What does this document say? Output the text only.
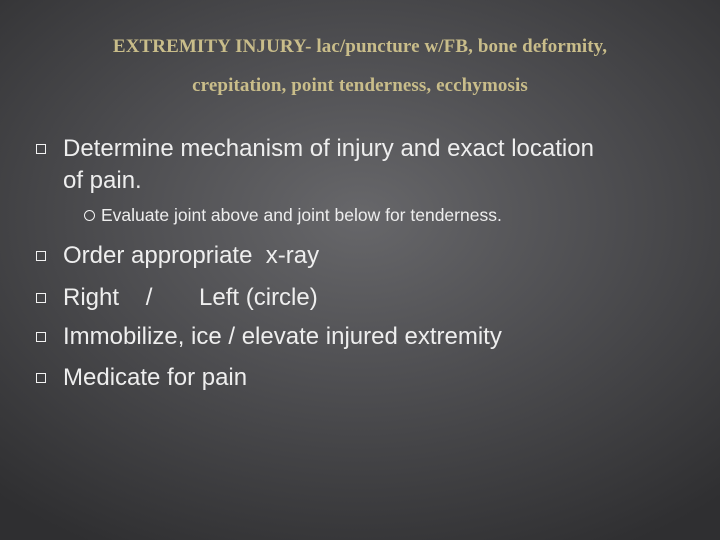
EXTREMITY INJURY- lac/puncture w/FB, bone deformity,
crepitation, point tenderness, ecchymosis
Determine mechanism of injury and exact location
of pain.
Evaluate joint above and joint below for tenderness.
Order appropriate  x-ray
Right    /       Left (circle)
Immobilize, ice / elevate injured extremity
Medicate for pain
